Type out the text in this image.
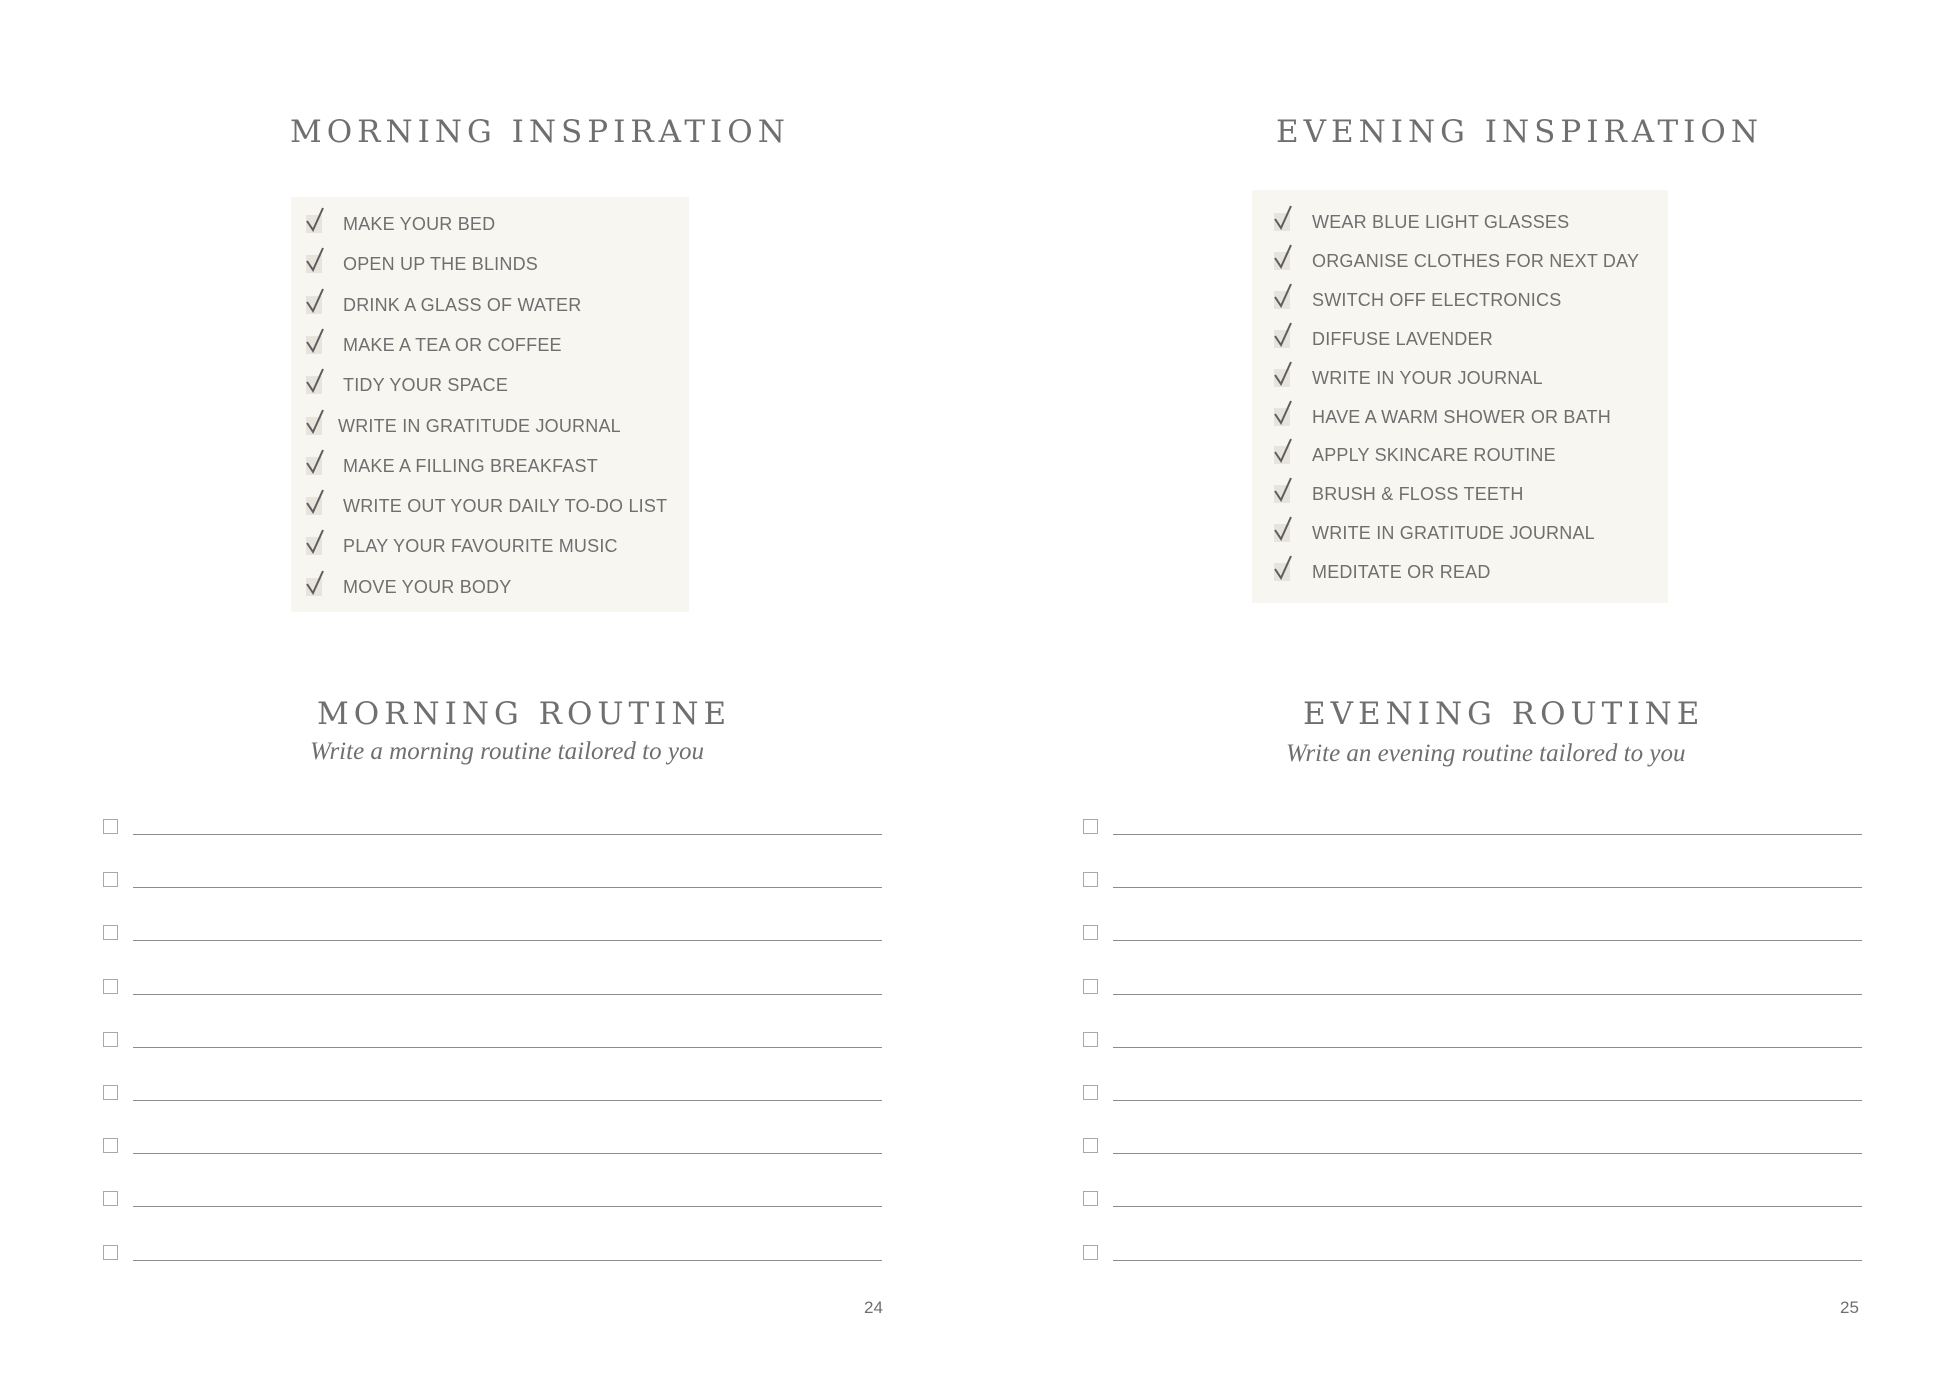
MORNING INSPIRATION
MAKE YOUR BED
OPEN UP THE BLINDS
DRINK A GLASS OF WATER
MAKE A TEA OR COFFEE
TIDY YOUR SPACE
WRITE IN GRATITUDE JOURNAL
MAKE A FILLING BREAKFAST
WRITE OUT YOUR DAILY TO-DO LIST
PLAY YOUR FAVOURITE MUSIC
MOVE YOUR BODY
MORNING ROUTINE

Write a morning routine tailored to you

24
EVENING INSPIRATION
WEAR BLUE LIGHT GLASSES
ORGANISE CLOTHES FOR NEXT DAY
SWITCH OFF ELECTRONICS
DIFFUSE LAVENDER
WRITE IN YOUR JOURNAL
HAVE A WARM SHOWER OR BATH
APPLY SKINCARE ROUTINE
BRUSH & FLOSS TEETH
WRITE IN GRATITUDE JOURNAL
MEDITATE OR READ
EVENING ROUTINE

Write an evening routine tailored to you

25
